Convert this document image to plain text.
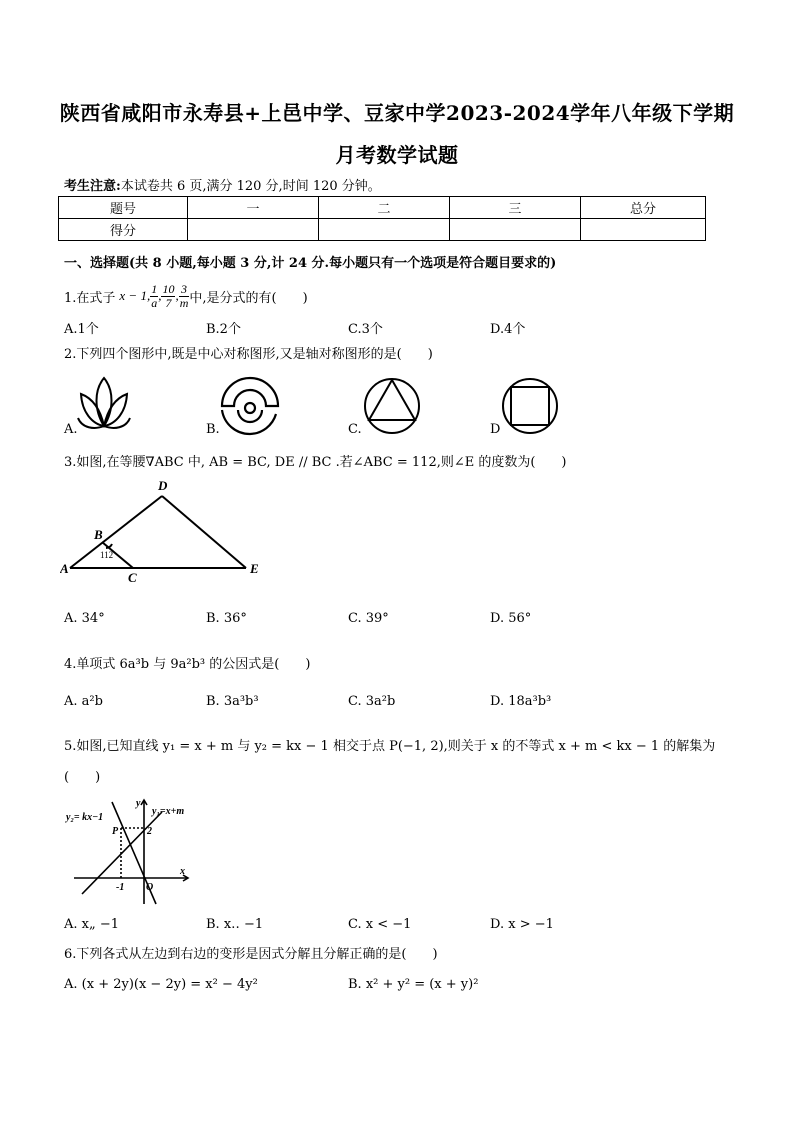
陕西省咸阳市永寿县+上邑中学、豆家中学2023-2024学年八年级下学期
月考数学试题
考生注意:本试卷共 6 页,满分 120 分,时间 120 分钟。
题号	一	二	三	总分
得分				
一、选择题(共 8 小题,每小题 3 分,计 24 分.每小题只有一个选项是符合题目要求的)
1.在式子 x − 1, $\frac{1}{a}$ , $\frac{10}{7}$ , $\frac{3}{m}$ 中,是分式的有(　　)
A.1个	B.2个	C.3个	D.4个
2.下列四个图形中,既是中心对称图形,又是轴对称图形的是(　　)
A.	B.	C.	D
3.如图,在等腰∇ABC 中, AB = BC, DE // BC .若∠ABC = 112,则∠E 的度数为(　　)
A
B
C
D
E
112
A. 34°	B. 36°	C. 39°	D. 56°
4.单项式 6a³b 与 9a²b³ 的公因式是(　　)
A. a²b	B. 3a³b³	C. 3a²b	D. 18a³b³
5.如图,已知直线 y₁ = x + m 与 y₂ = kx − 1 相交于点 P(−1, 2),则关于 x 的不等式 x + m < kx − 1 的解集为
(　　)
y₂= kx−1
y₁=x+m
y
P	2
-1 O
x
A. x„ −1	B. x‥ −1	C. x < −1	D. x > −1
6.下列各式从左边到右边的变形是因式分解且分解正确的是(　　)
A. (x + 2y)(x − 2y) = x² − 4y²	B. x² + y² = (x + y)²
